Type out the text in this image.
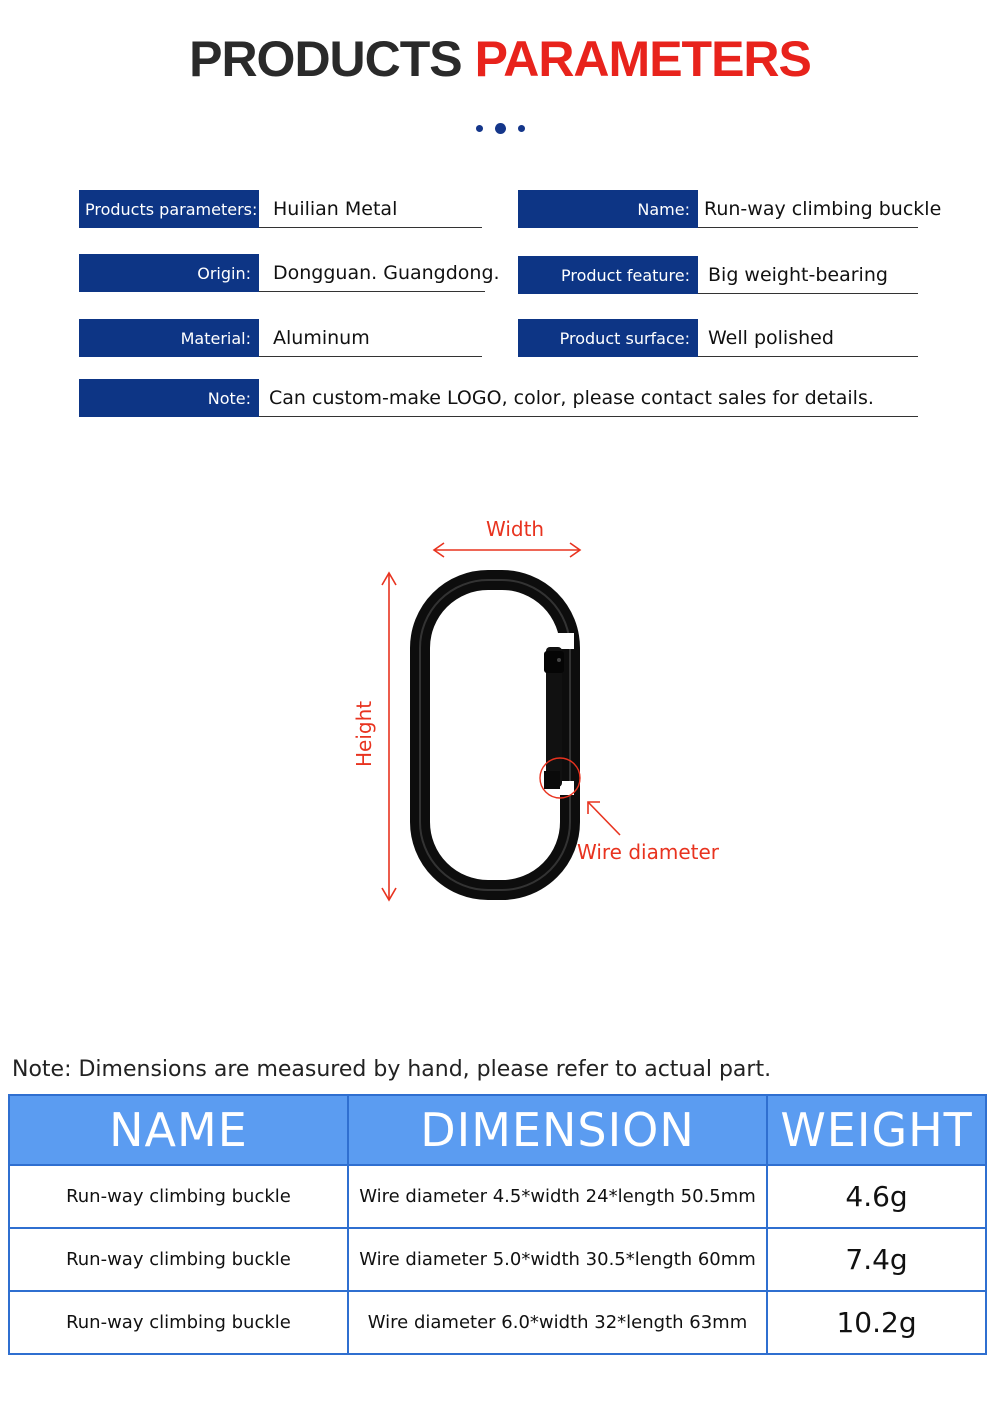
PRODUCTS PARAMETERS
Products parameters: Huilian Metal	Name: Run-way climbing buckle
Origin:	Dongguan. Guangdong.	Product feature: Big weight-bearing
Material:	Aluminum	Product surface: Well polished
Note: Can custom-make LOGO, color, please contact sales for details.
Width
Height
Wire diameter
Note: Dimensions are measured by hand, please refer to actual part.
NAME	DIMENSION	WEIGHT
Run-way climbing buckle	Wire diameter 4.5*width 24*length 50.5mm	4.6g
Run-way climbing buckle	Wire diameter 5.0*width 30.5*length 60mm	7.4g
Run-way climbing buckle	Wire diameter 6.0*width 32*length 63mm	10.2g
